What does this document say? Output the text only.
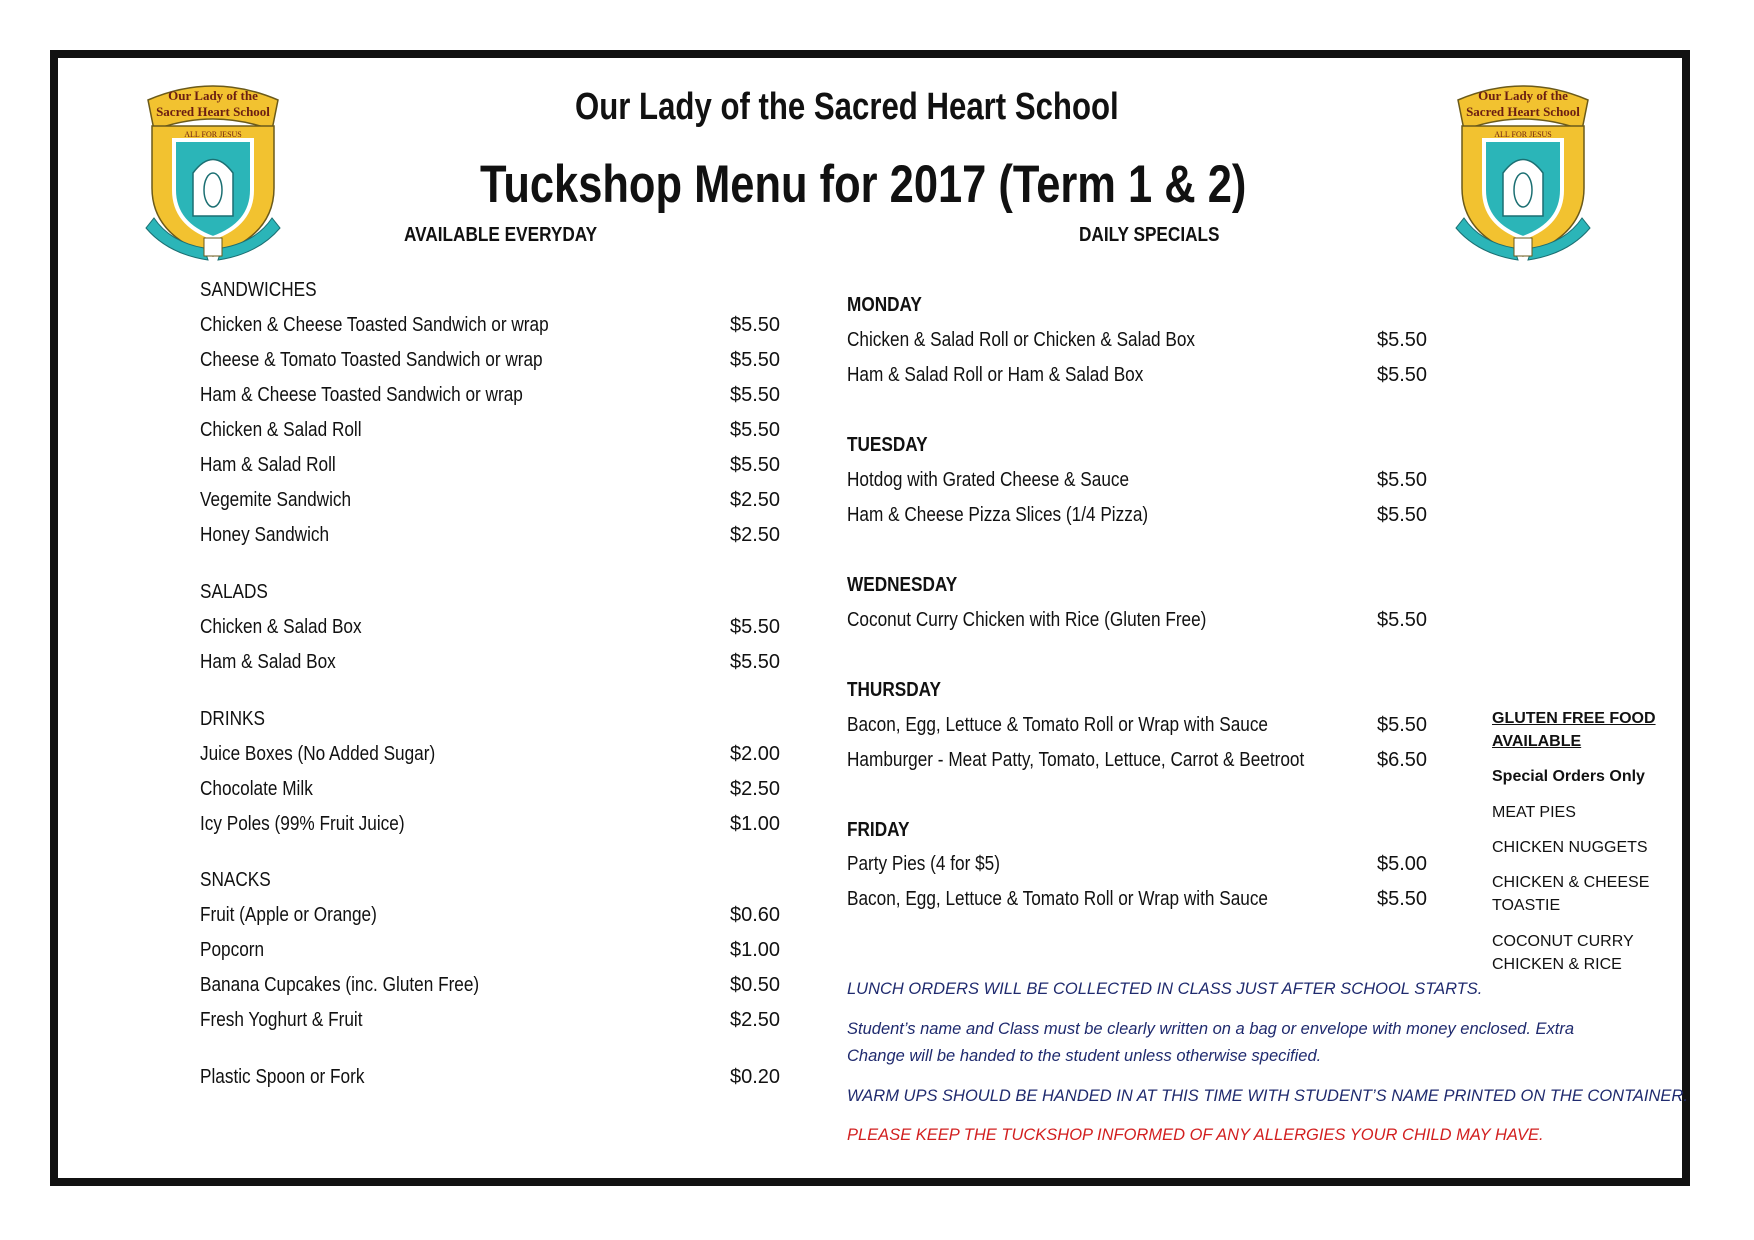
Our Lady of the
Sacred Heart School
ALL FOR JESUS
Our Lady of the
Sacred Heart School
ALL FOR JESUS
Our Lady of the Sacred Heart School
Tuckshop Menu for 2017 (Term 1 & 2)
AVAILABLE EVERYDAY	DAILY SPECIALS
SANDWICHES
Chicken & Cheese Toasted Sandwich or wrap	$5.50
Cheese & Tomato Toasted Sandwich or wrap	$5.50
Ham & Cheese Toasted Sandwich or wrap	$5.50
Chicken & Salad Roll	$5.50
Ham & Salad Roll	$5.50
Vegemite Sandwich	$2.50
Honey Sandwich	$2.50
SALADS
Chicken & Salad Box	$5.50
Ham & Salad Box	$5.50
DRINKS
Juice Boxes (No Added Sugar)	$2.00
Chocolate Milk	$2.50
Icy Poles (99% Fruit Juice)	$1.00
SNACKS
Fruit (Apple or Orange)	$0.60
Popcorn	$1.00
Banana Cupcakes (inc. Gluten Free)	$0.50
Fresh Yoghurt & Fruit	$2.50
Plastic Spoon or Fork	$0.20
MONDAY
Chicken & Salad Roll or Chicken & Salad Box	$5.50
Ham & Salad Roll or Ham & Salad Box	$5.50
TUESDAY
Hotdog with Grated Cheese & Sauce	$5.50
Ham & Cheese Pizza Slices (1/4 Pizza)	$5.50
WEDNESDAY
Coconut Curry Chicken with Rice (Gluten Free)	$5.50
THURSDAY
Bacon, Egg, Lettuce & Tomato Roll or Wrap with Sauce	$5.50
Hamburger - Meat Patty, Tomato, Lettuce, Carrot & Beetroot	$6.50
FRIDAY
Party Pies (4 for $5)	$5.00
Bacon, Egg, Lettuce & Tomato Roll or Wrap with Sauce	$5.50
GLUTEN FREE FOOD
AVAILABLE
Special Orders Only
MEAT PIES
CHICKEN NUGGETS
CHICKEN & CHEESE
TOASTIE
COCONUT CURRY
CHICKEN & RICE
LUNCH ORDERS WILL BE COLLECTED IN CLASS JUST AFTER SCHOOL STARTS.
Student’s name and Class must be clearly written on a bag or envelope with money enclosed. Extra
Change will be handed to the student unless otherwise specified.
WARM UPS SHOULD BE HANDED IN AT THIS TIME WITH STUDENT’S NAME PRINTED ON THE CONTAINER.
PLEASE KEEP THE TUCKSHOP INFORMED OF ANY ALLERGIES YOUR CHILD MAY HAVE.
